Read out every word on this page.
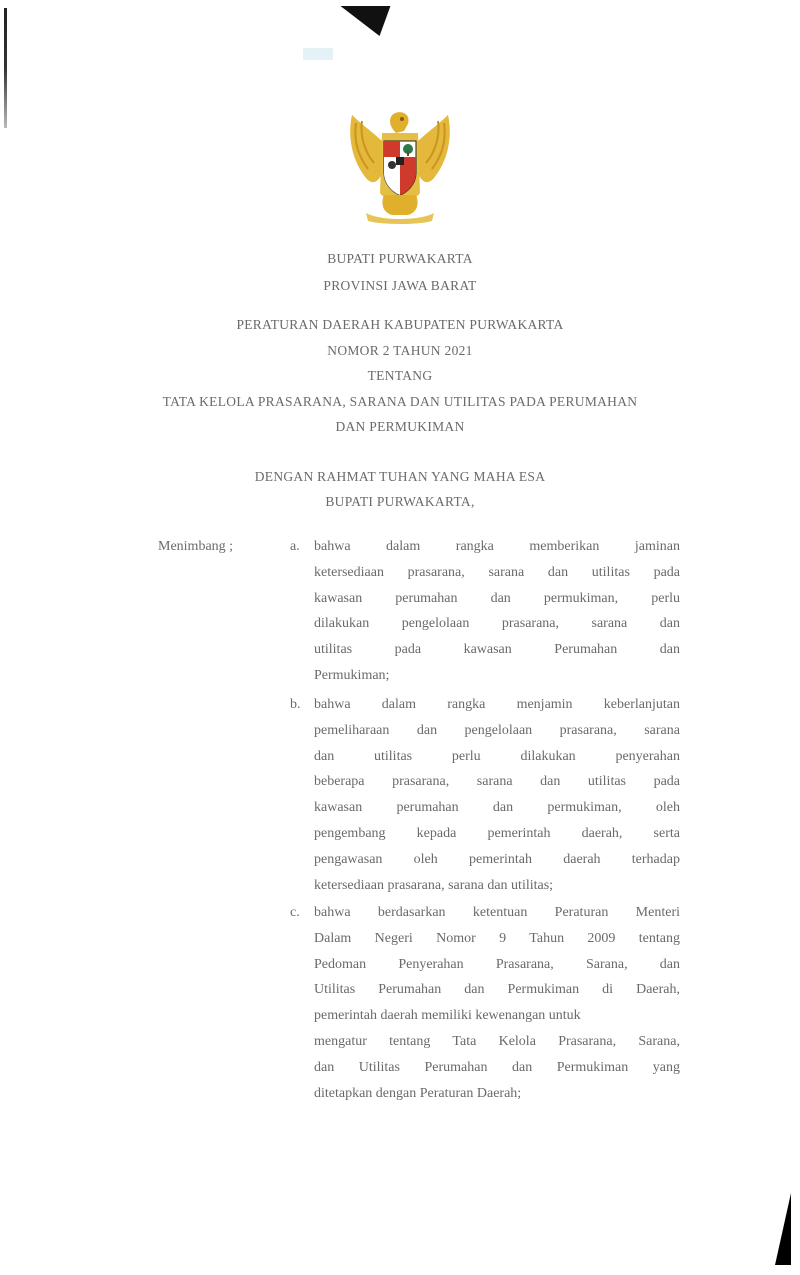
BUPATI PURWAKARTA
PROVINSI JAWA BARAT
PERATURAN DAERAH KABUPATEN PURWAKARTA
NOMOR 2 TAHUN 2021
TENTANG
TATA KELOLA PRASARANA, SARANA DAN UTILITAS PADA PERUMAHAN
DAN PERMUKIMAN
DENGAN RAHMAT TUHAN YANG MAHA ESA
BUPATI PURWAKARTA,
Menimbang ;	a. bahwa dalam rangka memberikan jaminan
ketersediaan prasarana, sarana dan utilitas pada
kawasan perumahan dan permukiman, perlu
dilakukan pengelolaan prasarana, sarana dan
utilitas pada kawasan Perumahan dan
Permukiman;
b. bahwa dalam rangka menjamin keberlanjutan
pemeliharaan dan pengelolaan prasarana, sarana
dan utilitas perlu dilakukan penyerahan
beberapa prasarana, sarana dan utilitas pada
kawasan perumahan dan permukiman, oleh
pengembang kepada pemerintah daerah, serta
pengawasan oleh pemerintah daerah terhadap
ketersediaan prasarana, sarana dan utilitas;
c. bahwa berdasarkan ketentuan Peraturan Menteri
Dalam Negeri Nomor 9 Tahun 2009 tentang
Pedoman Penyerahan Prasarana, Sarana, dan
Utilitas Perumahan dan Permukiman di Daerah,
pemerintah daerah memiliki kewenangan untuk
mengatur tentang Tata Kelola Prasarana, Sarana,
dan Utilitas Perumahan dan Permukiman yang
ditetapkan dengan Peraturan Daerah;
